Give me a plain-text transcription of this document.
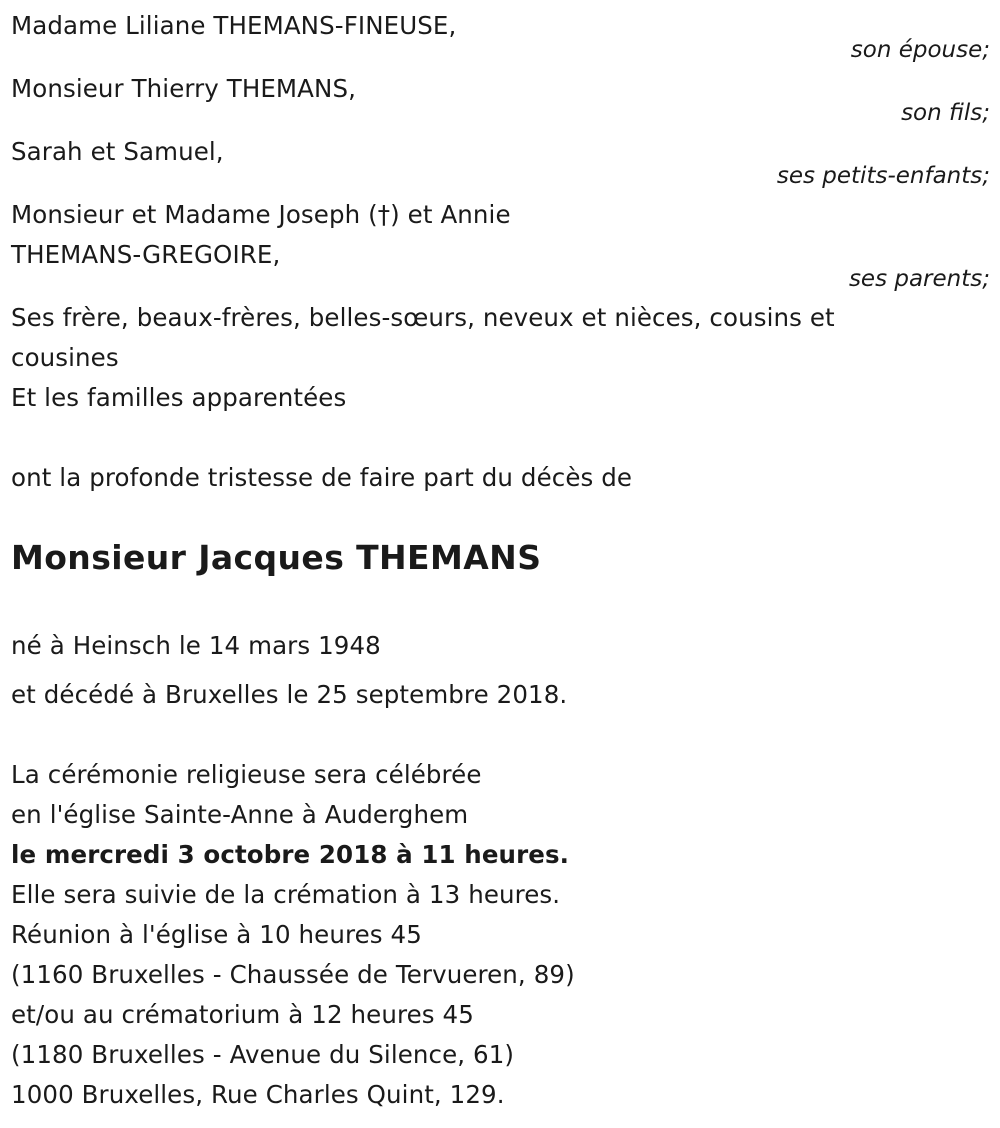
Madame Liliane THEMANS-FINEUSE,
son épouse;
Monsieur Thierry THEMANS,
son fils;
Sarah et Samuel,
ses petits-enfants;
Monsieur et Madame Joseph (†) et Annie
THEMANS-GREGOIRE,
ses parents;
Ses frère, beaux-frères, belles-sœurs, neveux et nièces, cousins et
cousines
Et les familles apparentées
ont la profonde tristesse de faire part du décès de
Monsieur Jacques THEMANS
né à Heinsch le 14 mars 1948
et décédé à Bruxelles le 25 septembre 2018.
La cérémonie religieuse sera célébrée
en l'église Sainte-Anne à Auderghem
le mercredi 3 octobre 2018 à 11 heures.
Elle sera suivie de la crémation à 13 heures.
Réunion à l'église à 10 heures 45
(1160 Bruxelles - Chaussée de Tervueren, 89)
et/ou au crématorium à 12 heures 45
(1180 Bruxelles - Avenue du Silence, 61)
1000 Bruxelles, Rue Charles Quint, 129.
